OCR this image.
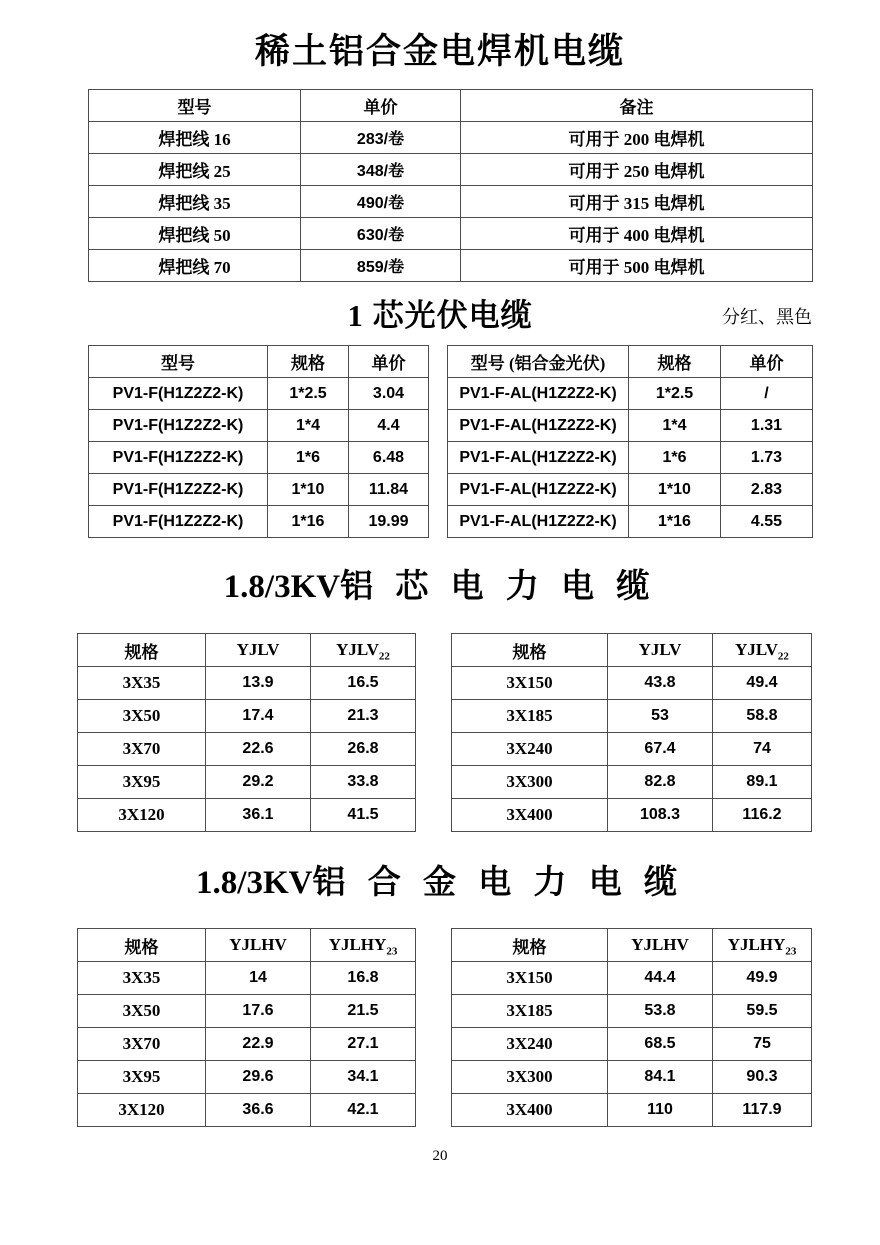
稀土铝合金电焊机电缆
型号	单价	备注
焊把线 16	283/卷	可用于 200 电焊机
焊把线 25	348/卷	可用于 250 电焊机
焊把线 35	490/卷	可用于 315 电焊机
焊把线 50	630/卷	可用于 400 电焊机
焊把线 70	859/卷	可用于 500 电焊机
1 芯光伏电缆	分红、黑色
型号	规格	单价
PV1-F(H1Z2Z2-K)	1*2.5	3.04
PV1-F(H1Z2Z2-K)	1*4	4.4
PV1-F(H1Z2Z2-K)	1*6	6.48
PV1-F(H1Z2Z2-K)	1*10	11.84
PV1-F(H1Z2Z2-K)	1*16	19.99
型号 (铝合金光伏)	规格	单价
PV1-F-AL(H1Z2Z2-K)	1*2.5	/
PV1-F-AL(H1Z2Z2-K)	1*4	1.31
PV1-F-AL(H1Z2Z2-K)	1*6	1.73
PV1-F-AL(H1Z2Z2-K)	1*10	2.83
PV1-F-AL(H1Z2Z2-K)	1*16	4.55
1.8/3KV铝 芯 电 力 电 缆
规格	YJLV	$YJLV_{22}$
3X35	13.9	16.5
3X50	17.4	21.3
3X70	22.6	26.8
3X95	29.2	33.8
3X120	36.1	41.5
规格	YJLV	$YJLV_{22}$
3X150	43.8	49.4
3X185	53	58.8
3X240	67.4	74
3X300	82.8	89.1
3X400	108.3	116.2
1.8/3KV铝 合 金 电 力 电 缆
规格	YJLHV	$YJLHY_{23}$
3X35	14	16.8
3X50	17.6	21.5
3X70	22.9	27.1
3X95	29.6	34.1
3X120	36.6	42.1
规格	YJLHV	$YJLHY_{23}$
3X150	44.4	49.9
3X185	53.8	59.5
3X240	68.5	75
3X300	84.1	90.3
3X400	110	117.9
20
